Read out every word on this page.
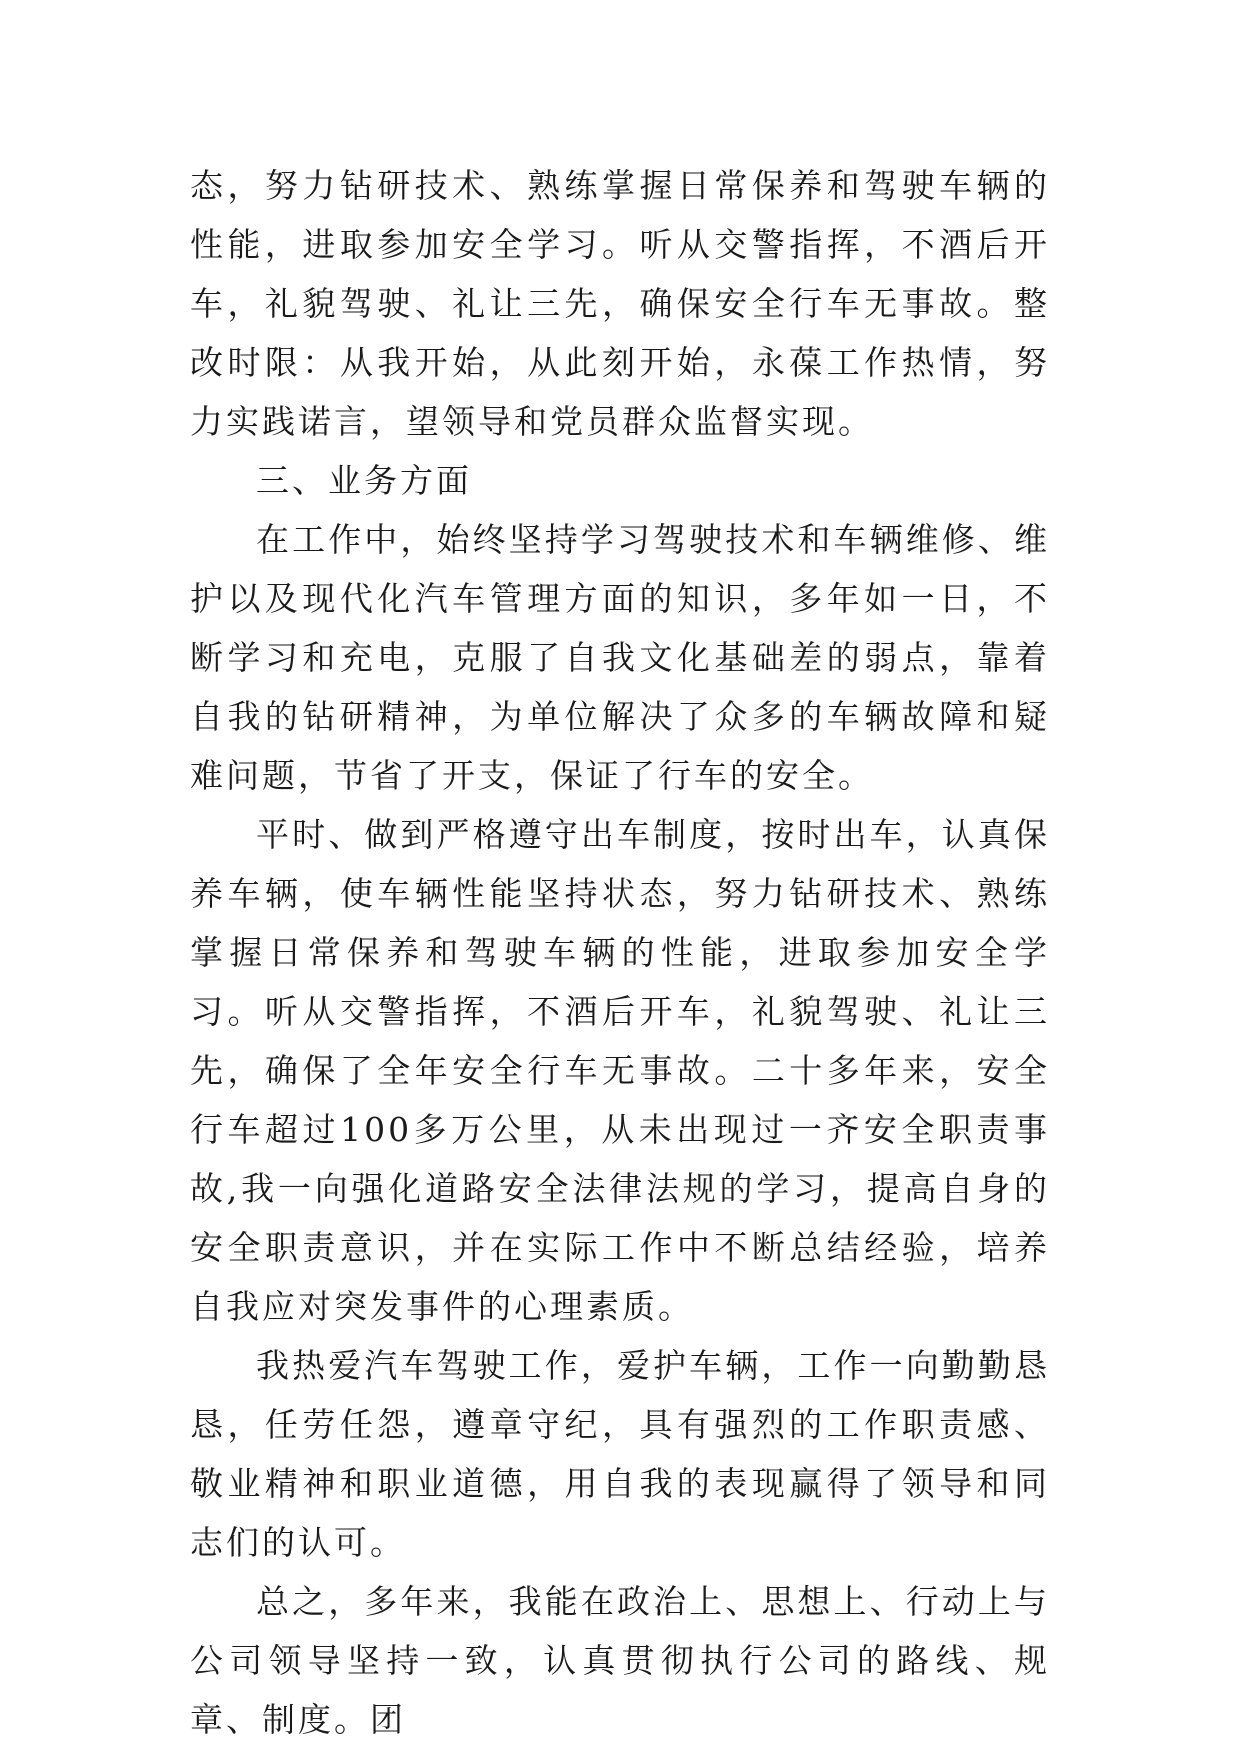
态，努力钻研技术、熟练掌握日常保养和驾驶车辆的性能，进取参加安全学习。听从交警指挥，不酒后开车，礼貌驾驶、礼让三先，确保安全行车无事故。整改时限：从我开始，从此刻开始，永葆工作热情，努力实践诺言，望领导和党员群众监督实现。

三、业务方面

在工作中，始终坚持学习驾驶技术和车辆维修、维护以及现代化汽车管理方面的知识，多年如一日，不断学习和充电，克服了自我文化基础差的弱点，靠着自我的钻研精神，为单位解决了众多的车辆故障和疑难问题，节省了开支，保证了行车的安全。

平时、做到严格遵守出车制度，按时出车，认真保养车辆，使车辆性能坚持状态，努力钻研技术、熟练掌握日常保养和驾驶车辆的性能，进取参加安全学习。听从交警指挥，不酒后开车，礼貌驾驶、礼让三先，确保了全年安全行车无事故。二十多年来，安全行车超过100多万公里，从未出现过一齐安全职责事故,我一向强化道路安全法律法规的学习，提高自身的安全职责意识，并在实际工作中不断总结经验，培养自我应对突发事件的心理素质。

我热爱汽车驾驶工作，爱护车辆，工作一向勤勤恳恳，任劳任怨，遵章守纪，具有强烈的工作职责感、敬业精神和职业道德，用自我的表现赢得了领导和同志们的认可。

总之，多年来，我能在政治上、思想上、行动上与公司领导坚持一致，认真贯彻执行公司的路线、规章、制度。团
